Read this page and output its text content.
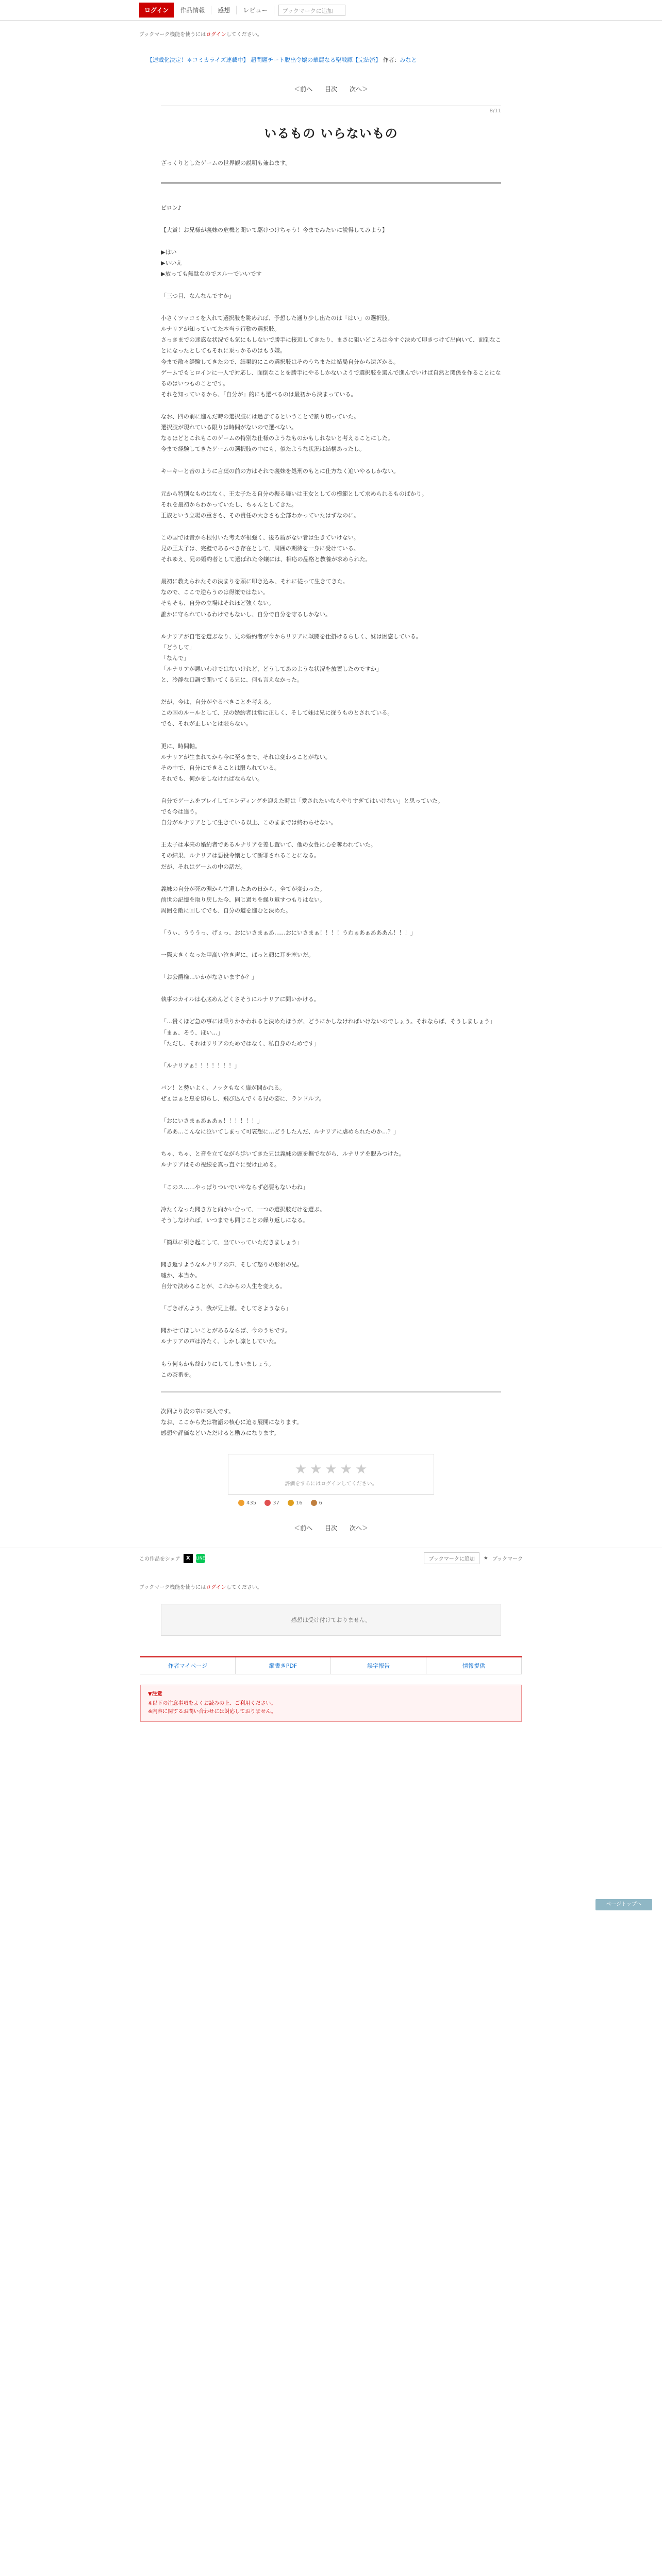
ログイン	作品情報	感想	レビュー	ブックマークに追加
ブックマーク機能を使うにはログインしてください。
【連載化決定！＊コミカライズ連載中】 超問題チート脱出令嬢の華麗なる聖戦譚【完結済】 作者：みなと
＜前へ 目次 次へ＞
8/11
いるもの いらないもの
ざっくりとしたゲームの世界観の説明も兼ねます。

ピロン♪

【大賞！お兄様が義妹の危機と聞いて駆けつけちゃう！今までみたいに説得してみよう】

▶はい
▶いいえ
▶放っても無駄なのでスルーでいいです

「三つ目、なんなんですか」

小さくツッコミを入れて選択肢を眺めれば、予想した通り少し出たのは「はい」の選択肢。
ルナリアが知っていてた本当ラ行動の選択肢。
さっきまでの迷惑な状況でも気にもしないで勝手に接近してきたり、まさに狙いどころは今すぐ決めて叩きつけて出向いて、面倒なことになったとしてもそれに乗っかるのはもう嫌。
今まで散々経験してきたので、結果的にこの選択肢はそのうちまたは結局自分から遠ざかる。
ゲームでもヒロインに一人で対応し、面倒なことを勝手にやるしかないようで選択肢を選んで進んでいけば自然と関係を作ることになるのはいつものことです。
それを知っているから、「自分が」的にも選べるのは最初から決まっている。

なお、四の前に進んだ時の選択肢には過ぎてるということで割り切っていた。
選択肢が現れている限りは時間がないので選べない。
なるほどとこれもこのゲームの特別な仕様のようなものかもしれないと考えることにした。
今まで経験してきたゲームの選択肢の中にも、似たような状況は結構あったし。

キーキーと音のように言葉の前の方はそれで義妹を処刑のもとに仕方なく追いやるしかない。

元から特別なものはなく、王太子たる自分の振る舞いは王女としての模範として求められるものばかり。
それを最初からわかっていたし、ちゃんとしてきた。
王族という立場の重さも、その責任の大きさも全部わかっていたはずなのに。

この国では昔から根付いた考えが根強く、後ろ盾がない者は生きていけない。
兄の王太子は、完璧であるべき存在として、周囲の期待を一身に受けている。
それゆえ、兄の婚約者として選ばれた令嬢には、相応の品格と教養が求められた。

最初に教えられたその決まりを頭に叩き込み、それに従って生きてきた。
なので、ここで逆らうのは得策ではない。
そもそも、自分の立場はそれほど強くない。
誰かに守られているわけでもないし、自分で自分を守るしかない。

ルナリアが自宅を選ぶなり、兄の婚約者が今からリリアに戦闘を仕掛けるらしく、妹は困惑している。
「どうして」
「なんで」
「ルナリアが悪いわけではないけれど、どうしてあのような状況を放置したのですか」
と、冷静な口調で聞いてくる兄に、何も言えなかった。

だが、今は、自分がやるべきことを考える。
この国のルールとして、兄の婚約者は常に正しく、そして妹は兄に従うものとされている。
でも、それが正しいとは限らない。

更に、時間軸。
ルナリアが生まれてから今に至るまで、それは変わることがない。
その中で、自分にできることは限られている。
それでも、何かをしなければならない。

自分でゲームをプレイしてエンディングを迎えた時は「愛されたいならやりすぎてはいけない」と思っていた。
でも今は違う。
自分がルナリアとして生きている以上、このままでは終わらせない。

王太子は本来の婚約者であるルナリアを差し置いて、他の女性に心を奪われていた。
その結果、ルナリアは悪役令嬢として断罪されることになる。
だが、それはゲームの中の話だ。

義妹の自分が死の淵から生還したあの日から、全てが変わった。
前世の記憶を取り戻した今、同じ過ちを繰り返すつもりはない。
周囲を敵に回してでも、自分の道を進むと決めた。

「うぃ、うううっ、げぇっ、おにいさまぁあ……おにいさまぁ！！！！うわぁあぁあああん！！！」

一際大きくなった甲高い泣き声に、ぱっと顔に耳を塞いだ。

「お公爵様…いかがなさいますか？」

執事のカイルは心底めんどくさそうにルナリアに問いかける。

「…貴くほど急の事には乗りかかわれると決めたほうが、どうにかしなければいけないのでしょう。それならば、そうしましょう」
「まぁ、そう、ほい…」
「ただし、それはリリアのためではなく、私自身のためです」

「ルナリアぁ！！！！！！！」

バン！と勢いよく、ノックもなく扉が開かれる。
ぜぇはぁと息を切らし、飛び込んでくる兄の姿に、ランドルフ。

「おにいさまぁあぁあぁ！！！！！！」
「ああ…こんなに泣いてしまって可哀想に…どうしたんだ、ルナリアに虐められたのか…？」

ちゃ、ちゃ、と音を立てながら歩いてきた兄は義妹の頭を撫でながら、ルナリアを睨みつけた。
ルナリアはその視線を真っ直ぐに受け止める。

「このス……やっぱりついでいやならず必要もないわね」

冷たくなった聞き方と向かい合って、一つの選択肢だけを選ぶ。
そうしなければ、いつまでも同じことの繰り返しになる。

「簡単に引き起こして、出ていっていただきましょう」

聞き返すようなルナリアの声、そして怒りの形相の兄。
嘘か、本当か。
自分で決めることが、これからの人生を変える。

「ごきげんよう、我が兄上様。そしてさようなら」

聞かせてほしいことがあるならば、今のうちです。
ルナリアの声は冷たく、しかし凛としていた。

もう何もかも終わりにしてしまいましょう。
この茶番を。

ページトップへ
次回より次の章に突入です。
なお、ここから先は物語の核心に迫る展開になります。
感想や評価などいただけると励みになります。
★ ★ ★ ★ ★
評価をするにはログインしてください。
435	37	16	6
＜前へ 目次 次へ＞
この作品をシェア	X	LINE	ブックマークに追加	★ ブックマーク
ブックマーク機能を使うにはログインしてください。
感想は受け付けておりません。
作者マイページ	縦書きPDF	誤字報告	情報提供
▼注意
※以下の注意事項をよくお読みの上、ご利用ください。
※内容に関するお問い合わせには対応しておりません。
